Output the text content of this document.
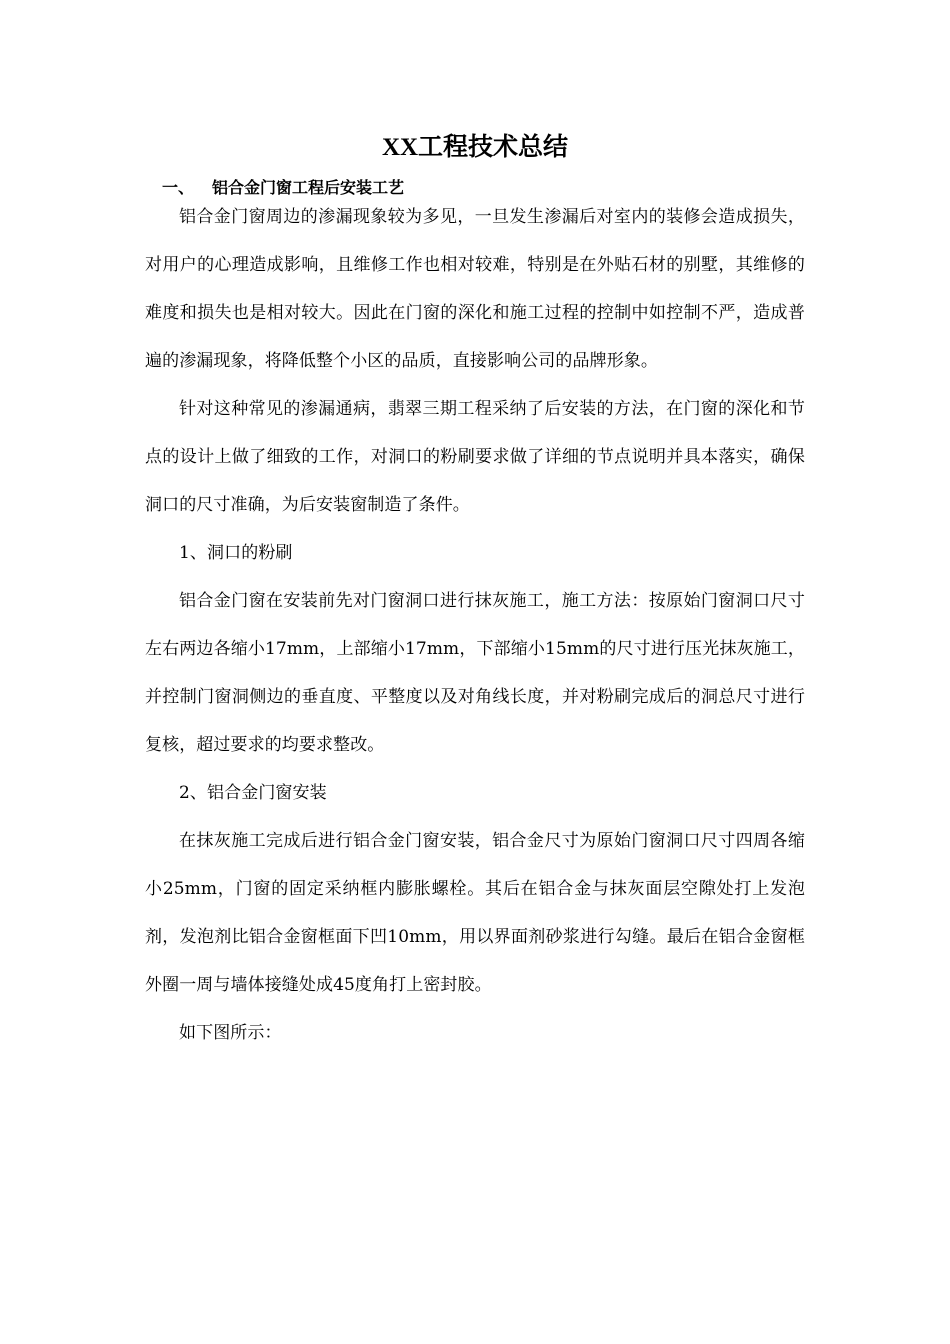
XX工程技术总结
一、 铝合金门窗工程后安装工艺

铝合金门窗周边的渗漏现象较为多见，一旦发生渗漏后对室内的装修会造成损失，对用户的心理造成影响，且维修工作也相对较难，特别是在外贴石材的别墅，其维修的难度和损失也是相对较大。因此在门窗的深化和施工过程的控制中如控制不严，造成普遍的渗漏现象，将降低整个小区的品质，直接影响公司的品牌形象。

针对这种常见的渗漏通病，翡翠三期工程采纳了后安装的方法，在门窗的深化和节点的设计上做了细致的工作，对洞口的粉刷要求做了详细的节点说明并具本落实，确保洞口的尺寸准确，为后安装窗制造了条件。

1、洞口的粉刷

铝合金门窗在安装前先对门窗洞口进行抹灰施工，施工方法：按原始门窗洞口尺寸左右两边各缩小17mm，上部缩小17mm，下部缩小15mm的尺寸进行压光抹灰施工，并控制门窗洞侧边的垂直度、平整度以及对角线长度，并对粉刷完成后的洞总尺寸进行复核，超过要求的均要求整改。

2、铝合金门窗安装

在抹灰施工完成后进行铝合金门窗安装，铝合金尺寸为原始门窗洞口尺寸四周各缩小25mm，门窗的固定采纳框内膨胀螺栓。其后在铝合金与抹灰面层空隙处打上发泡剂，发泡剂比铝合金窗框面下凹10mm，用以界面剂砂浆进行勾缝。最后在铝合金窗框外圈一周与墙体接缝处成45度角打上密封胶。

如下图所示：
